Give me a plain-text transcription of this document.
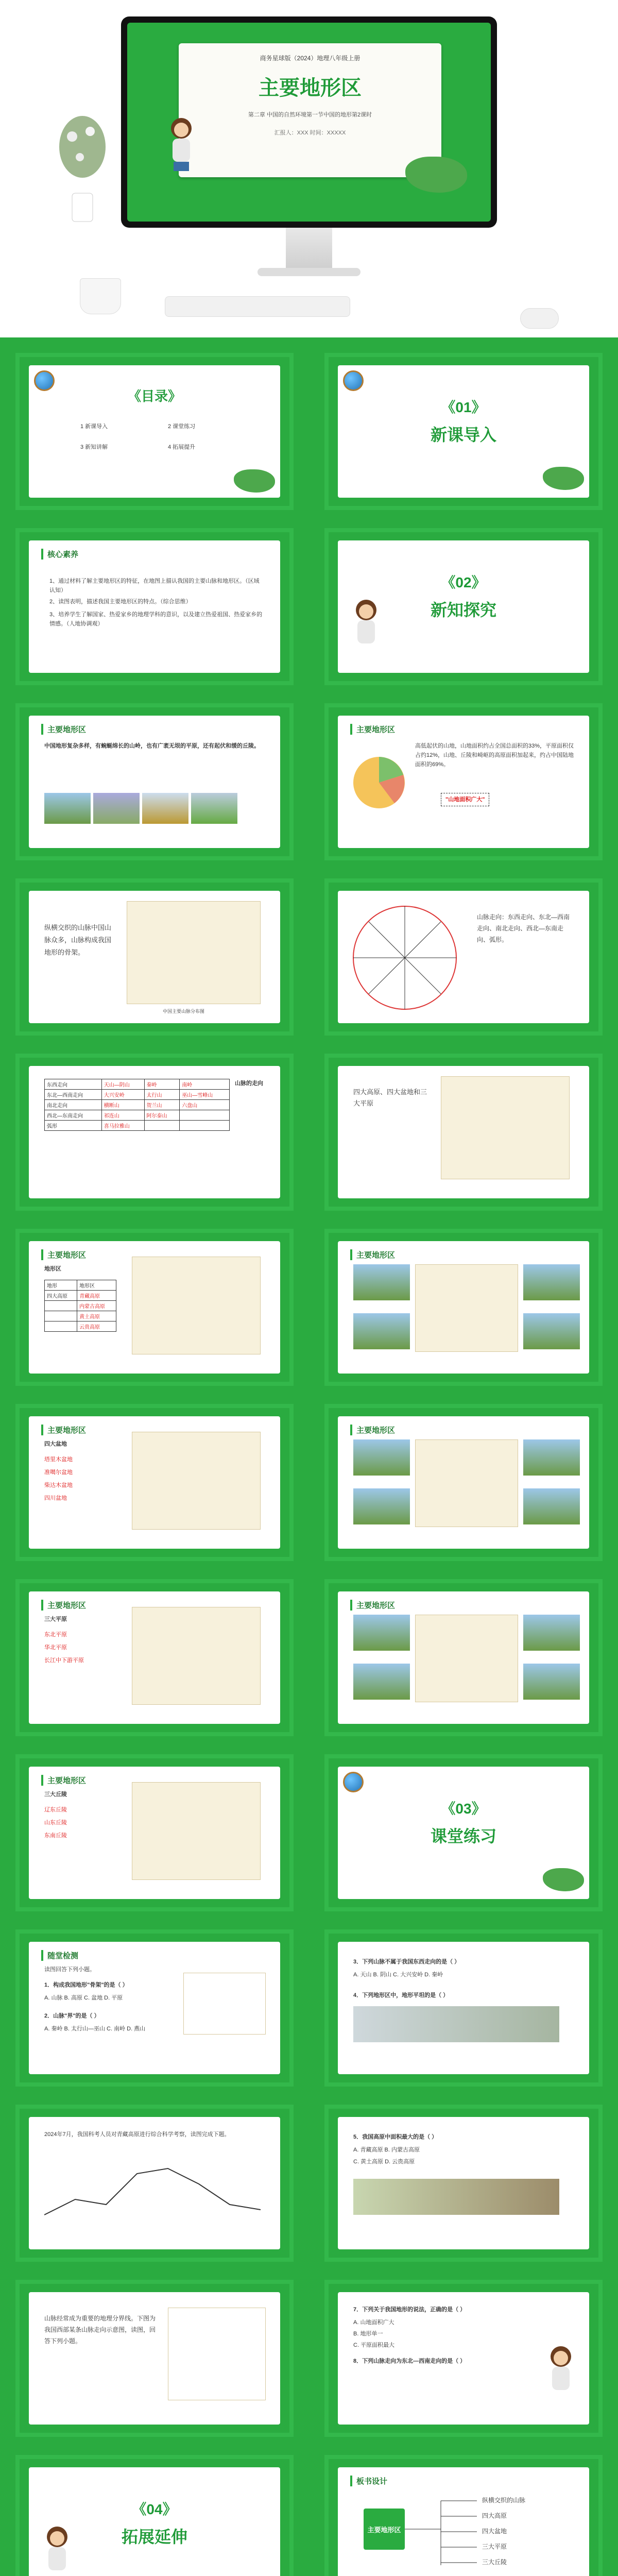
商务星球版（2024）地理八年级上册
主要地形区
第二章 中国的自然环境第一节中国的地形第2课时
汇报人：XXX 时间：XXXXX
《目录》
1 新课导入	2 课堂练习
3 新知讲解	4 拓展提升
《01》
新课导入
核心素养
1、通过材料了解主要地形区的特征，在地图上描认我国的主要山脉和地形区。（区域认知）
2、读图表明，描述我国主要地形区的特点。（综合思维）
3、培养学生了解国家、热爱家乡的地理学科的意识，以及建立热爱祖国、热爱家乡的情感。（人地协调观）
《02》
新知探究
主要地形区
中国地形复杂多样，有蜿蜒绵长的山岭，也有广袤无垠的平原，还有起伏和缓的丘陵。
主要地形区
高低起伏的山地，山地面积约占全国总面积的33%，平原面积仅占约12%，山地、丘陵和崎岖的高原面积加起来，约占中国陆地面积的69%。
"山地面积广大"
纵横交织的山脉中国山脉众多，山脉构成我国地形的骨架。
中国主要山脉分布图
山脉走向：东西走向、东北—西南走向、南北走向、西北—东南走向、弧形。
东西走向	天山—阴山	秦岭	南岭
东北—西南走向	大兴安岭	太行山	巫山—雪峰山
南北走向	横断山	贺兰山	六盘山
西北—东南走向	祁连山	阿尔泰山	
弧形	喜马拉雅山		
山脉的走向
四大高原、四大盆地和三大平原
主要地形区
地形区
地形	地形区
四大高原	青藏高原
	内蒙古高原
	黄土高原
	云贵高原
主要地形区
主要地形区
四大盆地
塔里木盆地
准噶尔盆地
柴达木盆地
四川盆地
主要地形区
主要地形区
三大平原
东北平原
华北平原
长江中下游平原
主要地形区
主要地形区
三大丘陵
辽东丘陵
山东丘陵
东南丘陵
《03》
课堂练习
随堂检测
读图回答下列小题。
1．构成我国地形"骨架"的是（ ）
A. 山脉 B. 高原 C. 盆地 D. 平原
2．山脉"界"的是（ ）
A. 秦岭 B. 太行山—巫山 C. 南岭 D. 燕山
3．下列山脉不属于我国东西走向的是（ ）
A. 天山 B. 阴山 C. 大兴安岭 D. 秦岭
4．下列地形区中，地形平坦的是（ ）
2024年7月，我国科考人员对青藏高原进行综合科学考察，读图完成下题。	5．我国高原中面积最大的是（ ）
A. 青藏高原 B. 内蒙古高原
C. 黄土高原 D. 云贵高原
山脉经常成为重要的地理分界线。下图为我国西部某条山脉走向示意图，读图，回答下列小题。
7．下列关于我国地形的说法，正确的是（ ）
A. 山地面积广大
B. 地形单一
C. 平原面积最大
8．下列山脉走向为东北—西南走向的是（ ）
《04》
拓展延伸
板书设计
主要地形区
纵横交织的山脉
四大高原
四大盆地
三大平原
三大丘陵
